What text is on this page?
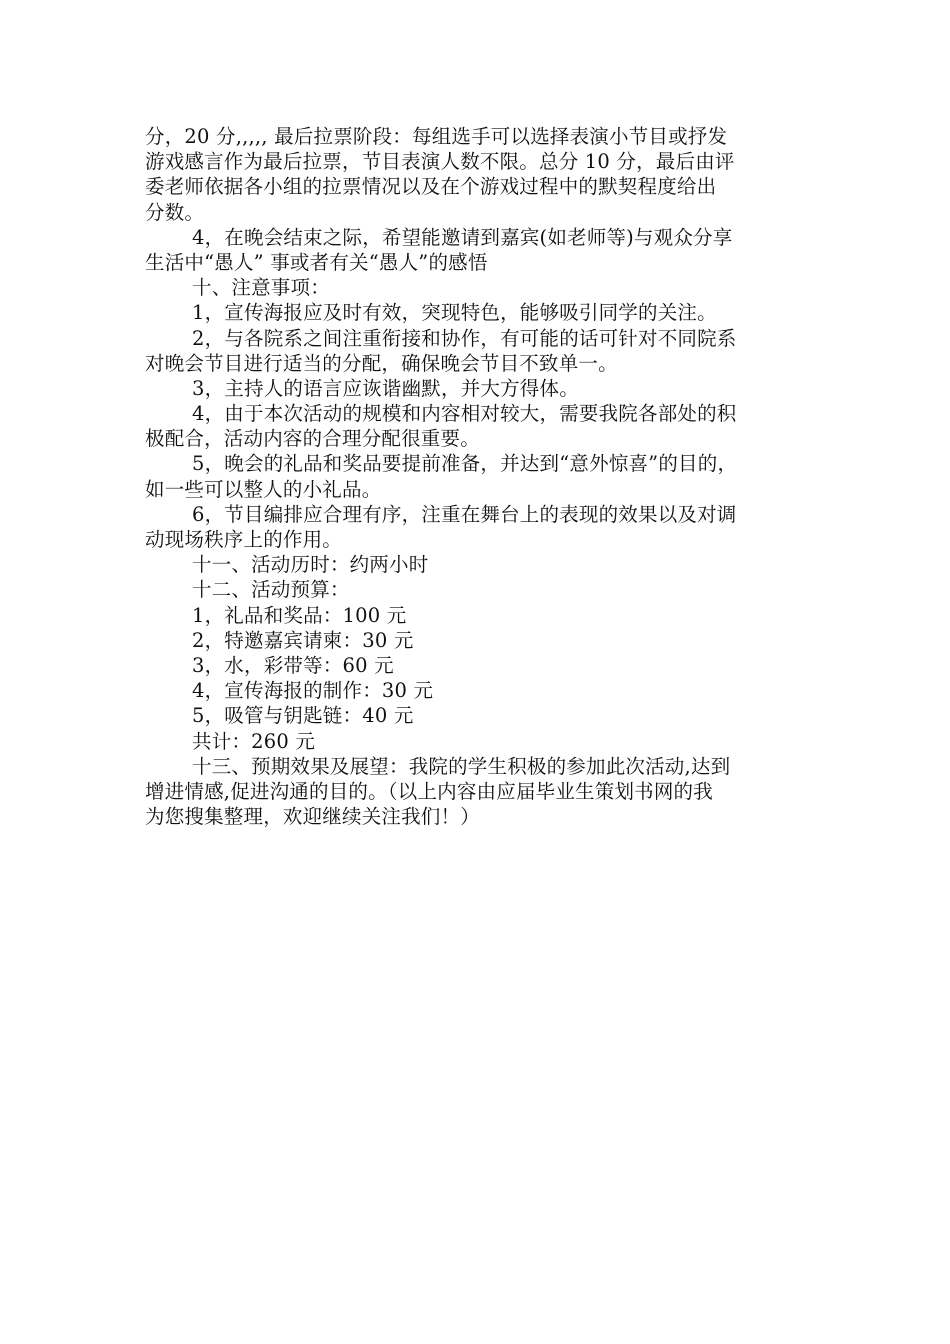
分，20 分,,,,, 最后拉票阶段：每组选手可以选择表演小节目或抒发
游戏感言作为最后拉票，节目表演人数不限。总分 10 分，最后由评
委老师依据各小组的拉票情况以及在个游戏过程中的默契程度给出
分数。
4，在晚会结束之际，希望能邀请到嘉宾(如老师等)与观众分享
生活中“愚人” 事或者有关“愚人”的感悟
十、注意事项：
1，宣传海报应及时有效，突现特色，能够吸引同学的关注。
2，与各院系之间注重衔接和协作，有可能的话可针对不同院系
对晚会节目进行适当的分配，确保晚会节目不致单一。
3，主持人的语言应诙谐幽默，并大方得体。
4，由于本次活动的规模和内容相对较大，需要我院各部处的积
极配合，活动内容的合理分配很重要。
5，晚会的礼品和奖品要提前准备，并达到“意外惊喜”的目的，
如一些可以整人的小礼品。
6，节目编排应合理有序，注重在舞台上的表现的效果以及对调
动现场秩序上的作用。
十一、活动历时：约两小时
十二、活动预算：
1，礼品和奖品：100 元
2，特邀嘉宾请柬：30 元
3，水，彩带等：60 元
4，宣传海报的制作：30 元
5，吸管与钥匙链：40 元
共计：260 元
十三、预期效果及展望：我院的学生积极的参加此次活动,达到
增进情感,促进沟通的目的。（以上内容由应届毕业生策划书网的我
为您搜集整理，欢迎继续关注我们！）
